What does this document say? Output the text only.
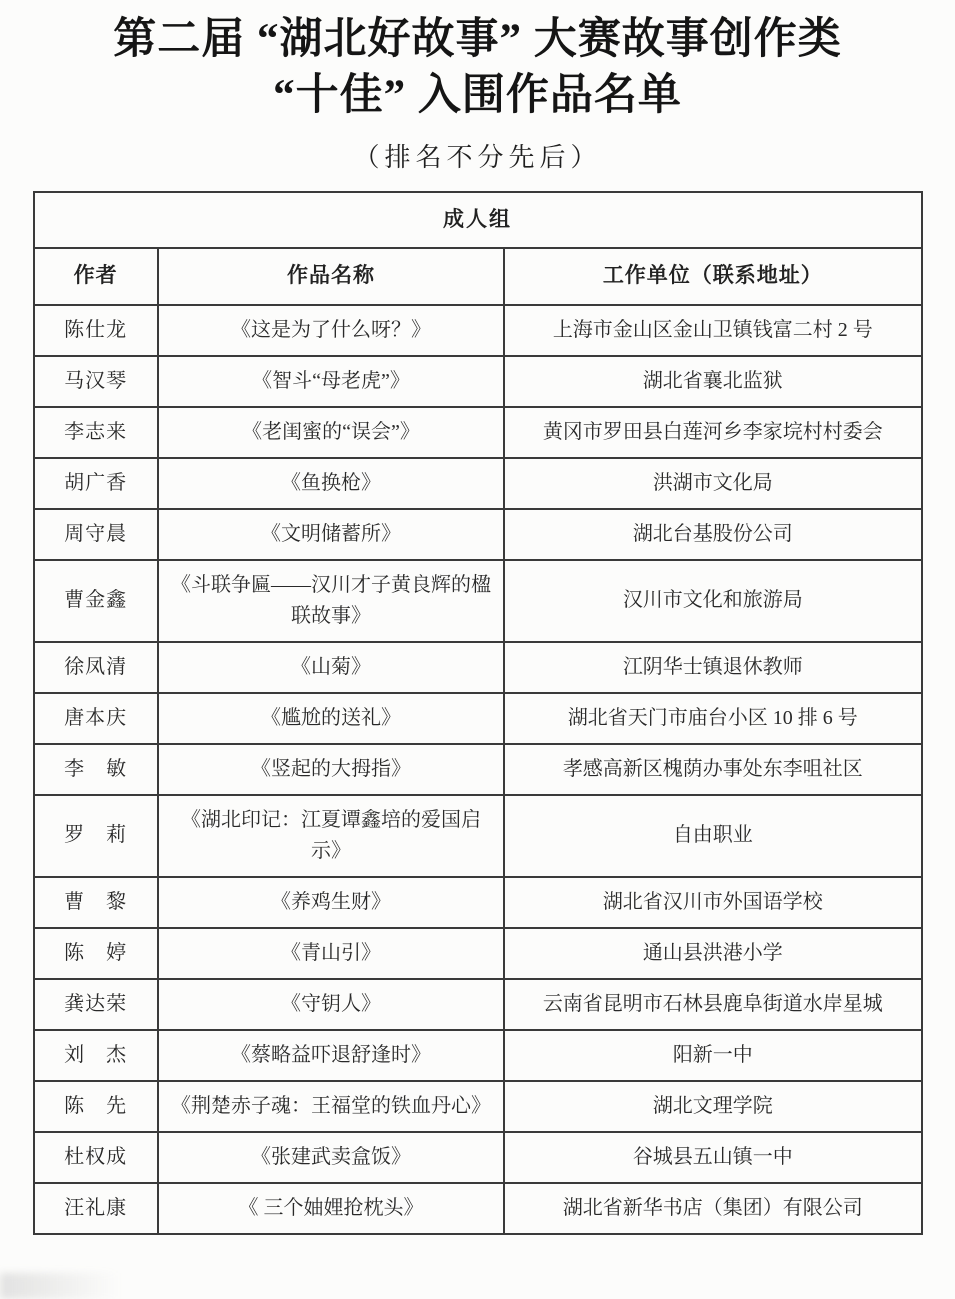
第二届 “湖北好故事” 大赛故事创作类
“十佳” 入围作品名单
（排名不分先后）
成人组		
作者	作品名称	工作单位（联系地址）
陈仕龙	《这是为了什么呀？》	上海市金山区金山卫镇钱富二村 2 号
马汉琴	《智斗“母老虎”》	湖北省襄北监狱
李志来	《老闺蜜的“误会”》	黄冈市罗田县白莲河乡李家垸村村委会
胡广香	《鱼换枪》	洪湖市文化局
周守晨	《文明储蓄所》	湖北台基股份公司
曹金鑫	《斗联争匾——汉川才子黄良辉的楹联故事》	汉川市文化和旅游局
徐凤清	《山菊》	江阴华士镇退休教师
唐本庆	《尴尬的送礼》	湖北省天门市庙台小区 10 排 6 号
李　敏	《竖起的大拇指》	孝感高新区槐荫办事处东李咀社区
罗　莉	《湖北印记：江夏谭鑫培的爱国启示》	自由职业
曹　黎	《养鸡生财》	湖北省汉川市外国语学校
陈　婷	《青山引》	通山县洪港小学
龚达荣	《守钥人》	云南省昆明市石林县鹿阜街道水岸星城
刘　杰	《蔡略益吓退舒逢时》	阳新一中
陈　先	《荆楚赤子魂：王福堂的铁血丹心》	湖北文理学院
杜权成	《张建武卖盒饭》	谷城县五山镇一中
汪礼康	《 三个妯娌抢枕头》	湖北省新华书店（集团）有限公司
